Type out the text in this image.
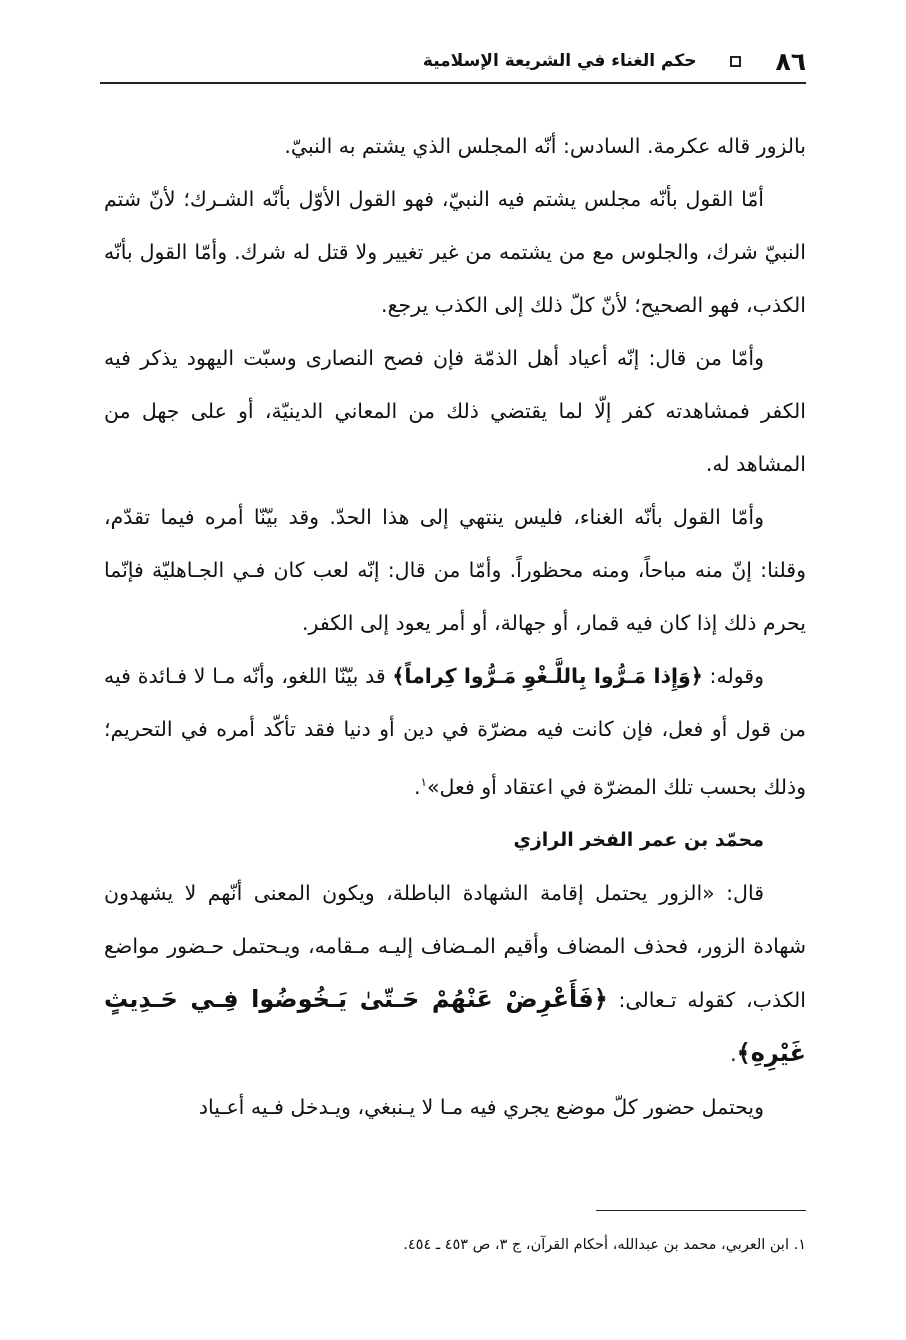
٨٦
حكم الغناء في الشريعة الإسلامية

بالزور قاله عكرمة. السادس: أنّه المجلس الذي يشتم به النبيّ.

أمّا القول بأنّه مجلس يشتم فيه النبيّ، فهو القول الأوّل بأنّه الشـرك؛ لأنّ شتم النبيّ شرك، والجلوس مع من يشتمه من غير تغيير ولا قتل له شرك. وأمّا القول بأنّه الكذب، فهو الصحيح؛ لأنّ كلّ ذلك إلى الكذب يرجع.

وأمّا من قال: إنّه أعياد أهل الذمّة فإن فصح النصارى وسبّت اليهود يذكر فيه الكفر فمشاهدته كفر إلّا لما يقتضي ذلك من المعاني الدينيّة، أو على جهل من المشاهد له.

وأمّا القول بأنّه الغناء، فليس ينتهي إلى هذا الحدّ. وقد بيّنّا أمره فيما تقدّم، وقلنا: إنّ منه مباحاً، ومنه محظوراً. وأمّا من قال: إنّه لعب كان فـي الجـاهليّة فإنّما يحرم ذلك إذا كان فيه قمار، أو جهالة، أو أمر يعود إلى الكفر.

وقوله: ﴿وَإِذا مَـرُّوا بِاللَّـغْوِ مَـرُّوا كِراماً﴾ قد بيّنّا اللغو، وأنّه مـا لا فـائدة فيه من قول أو فعل، فإن كانت فيه مضرّة في دين أو دنيا فقد تأكّد أمره في التحريم؛ وذلك بحسب تلك المضرّة في اعتقاد أو فعل»$^١$.

محمّد بن عمر الفخر الرازي

قال: «الزور يحتمل إقامة الشهادة الباطلة، ويكون المعنى أنّهم لا يشهدون شهادة الزور، فحذف المضاف وأقيم المـضاف إليـه مـقامه، ويـحتمل حـضور مواضع الكذب، كقوله تـعالى: ﴿فَأَعْرِضْ عَنْهُمْ حَـتّىٰ يَـخُوضُوا فِـي حَـدِيثٍ غَيْرِهِ﴾.

ويحتمل حضور كلّ موضع يجري فيه مـا لا يـنبغي، ويـدخل فـيه أعـياد

١. ابن العربي، محمد بن عبدالله، أحكام القرآن، ج ٣، ص ٤٥٣ ـ ٤٥٤.
